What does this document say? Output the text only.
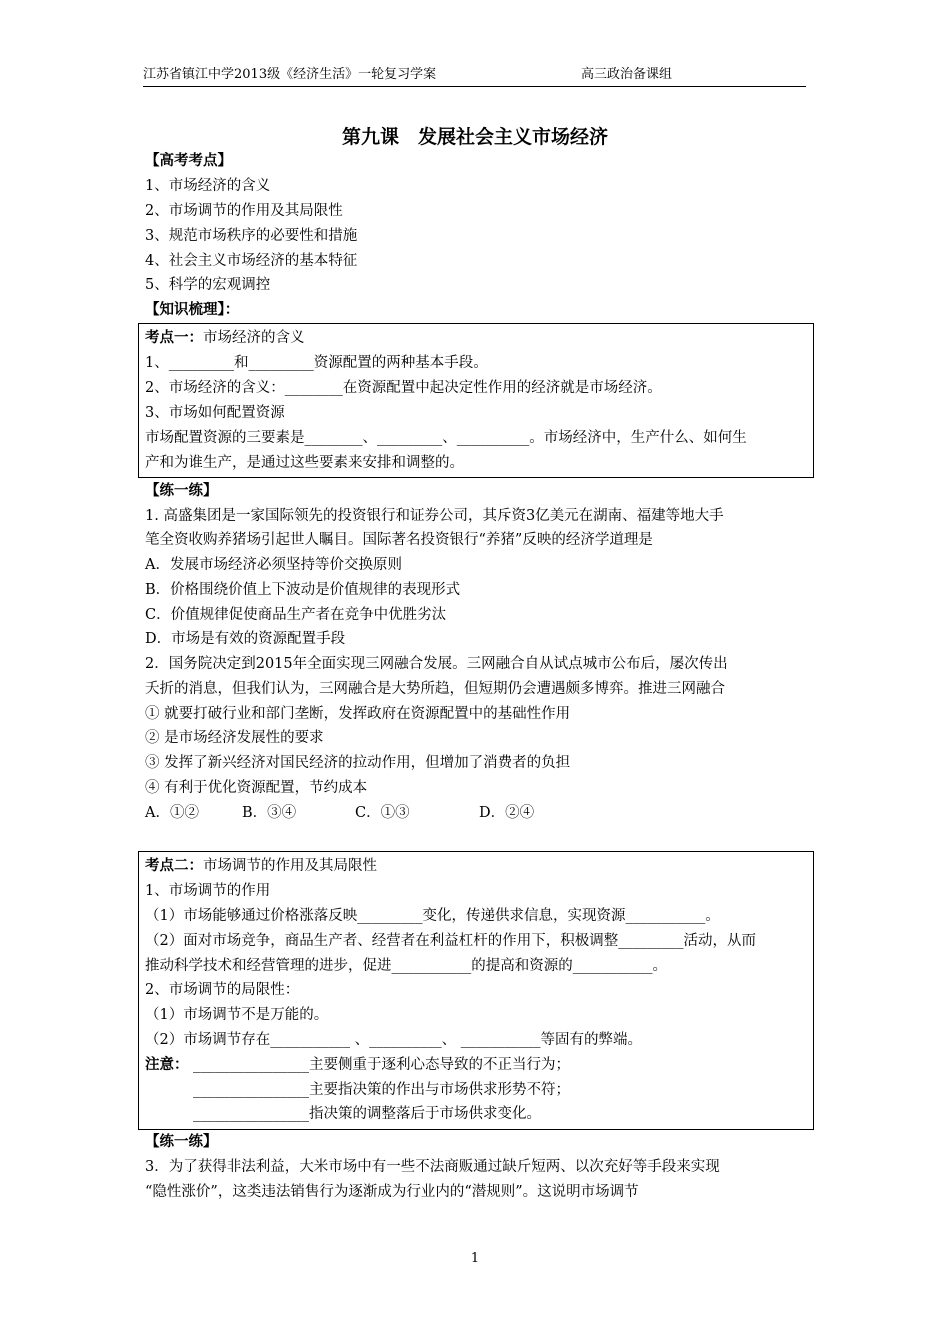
江苏省镇江中学2013级《经济生活》一轮复习学案	高三政治备课组
第九课　发展社会主义市场经济
【高考考点】
1、市场经济的含义
2、市场调节的作用及其局限性
3、规范市场秩序的必要性和措施
4、社会主义市场经济的基本特征
5、科学的宏观调控
【知识梳理】：
考点一：市场经济的含义
1、_________和_________资源配置的两种基本手段。
2、市场经济的含义：________在资源配置中起决定性作用的经济就是市场经济。
3、市场如何配置资源
市场配置资源的三要素是________、_________、__________。市场经济中，生产什么、如何生
产和为谁生产，是通过这些要素来安排和调整的。
【练一练】
1. 高盛集团是一家国际领先的投资银行和证券公司，其斥资3亿美元在湖南、福建等地大手
笔全资收购养猪场引起世人瞩目。国际著名投资银行“养猪”反映的经济学道理是
A．发展市场经济必须坚持等价交换原则
B．价格围绕价值上下波动是价值规律的表现形式
C．价值规律促使商品生产者在竞争中优胜劣汰
D．市场是有效的资源配置手段
2．国务院决定到2015年全面实现三网融合发展。三网融合自从试点城市公布后，屡次传出
夭折的消息，但我们认为，三网融合是大势所趋，但短期仍会遭遇颇多博弈。推进三网融合
① 就要打破行业和部门垄断，发挥政府在资源配置中的基础性作用
② 是市场经济发展性的要求
③ 发挥了新兴经济对国民经济的拉动作用，但增加了消费者的负担
④ 有利于优化资源配置，节约成本
A．①②	B．③④	C．①③	D．②④
考点二：市场调节的作用及其局限性
1、市场调节的作用
（1）市场能够通过价格涨落反映_________变化，传递供求信息，实现资源___________。
（2）面对市场竞争，商品生产者、经营者在利益杠杆的作用下，积极调整_________活动，从而
推动科学技术和经营管理的进步，促进___________的提高和资源的___________。
2、市场调节的局限性：
（1）市场调节不是万能的。
（2）市场调节存在___________ 、__________、 ___________等固有的弊端。
注意： ________________主要侧重于逐利心态导致的不正当行为；
________________主要指决策的作出与市场供求形势不符；
________________指决策的调整落后于市场供求变化。
【练一练】
3．为了获得非法利益，大米市场中有一些不法商贩通过缺斤短两、以次充好等手段来实现
“隐性涨价”，这类违法销售行为逐渐成为行业内的“潜规则”。这说明市场调节
1
